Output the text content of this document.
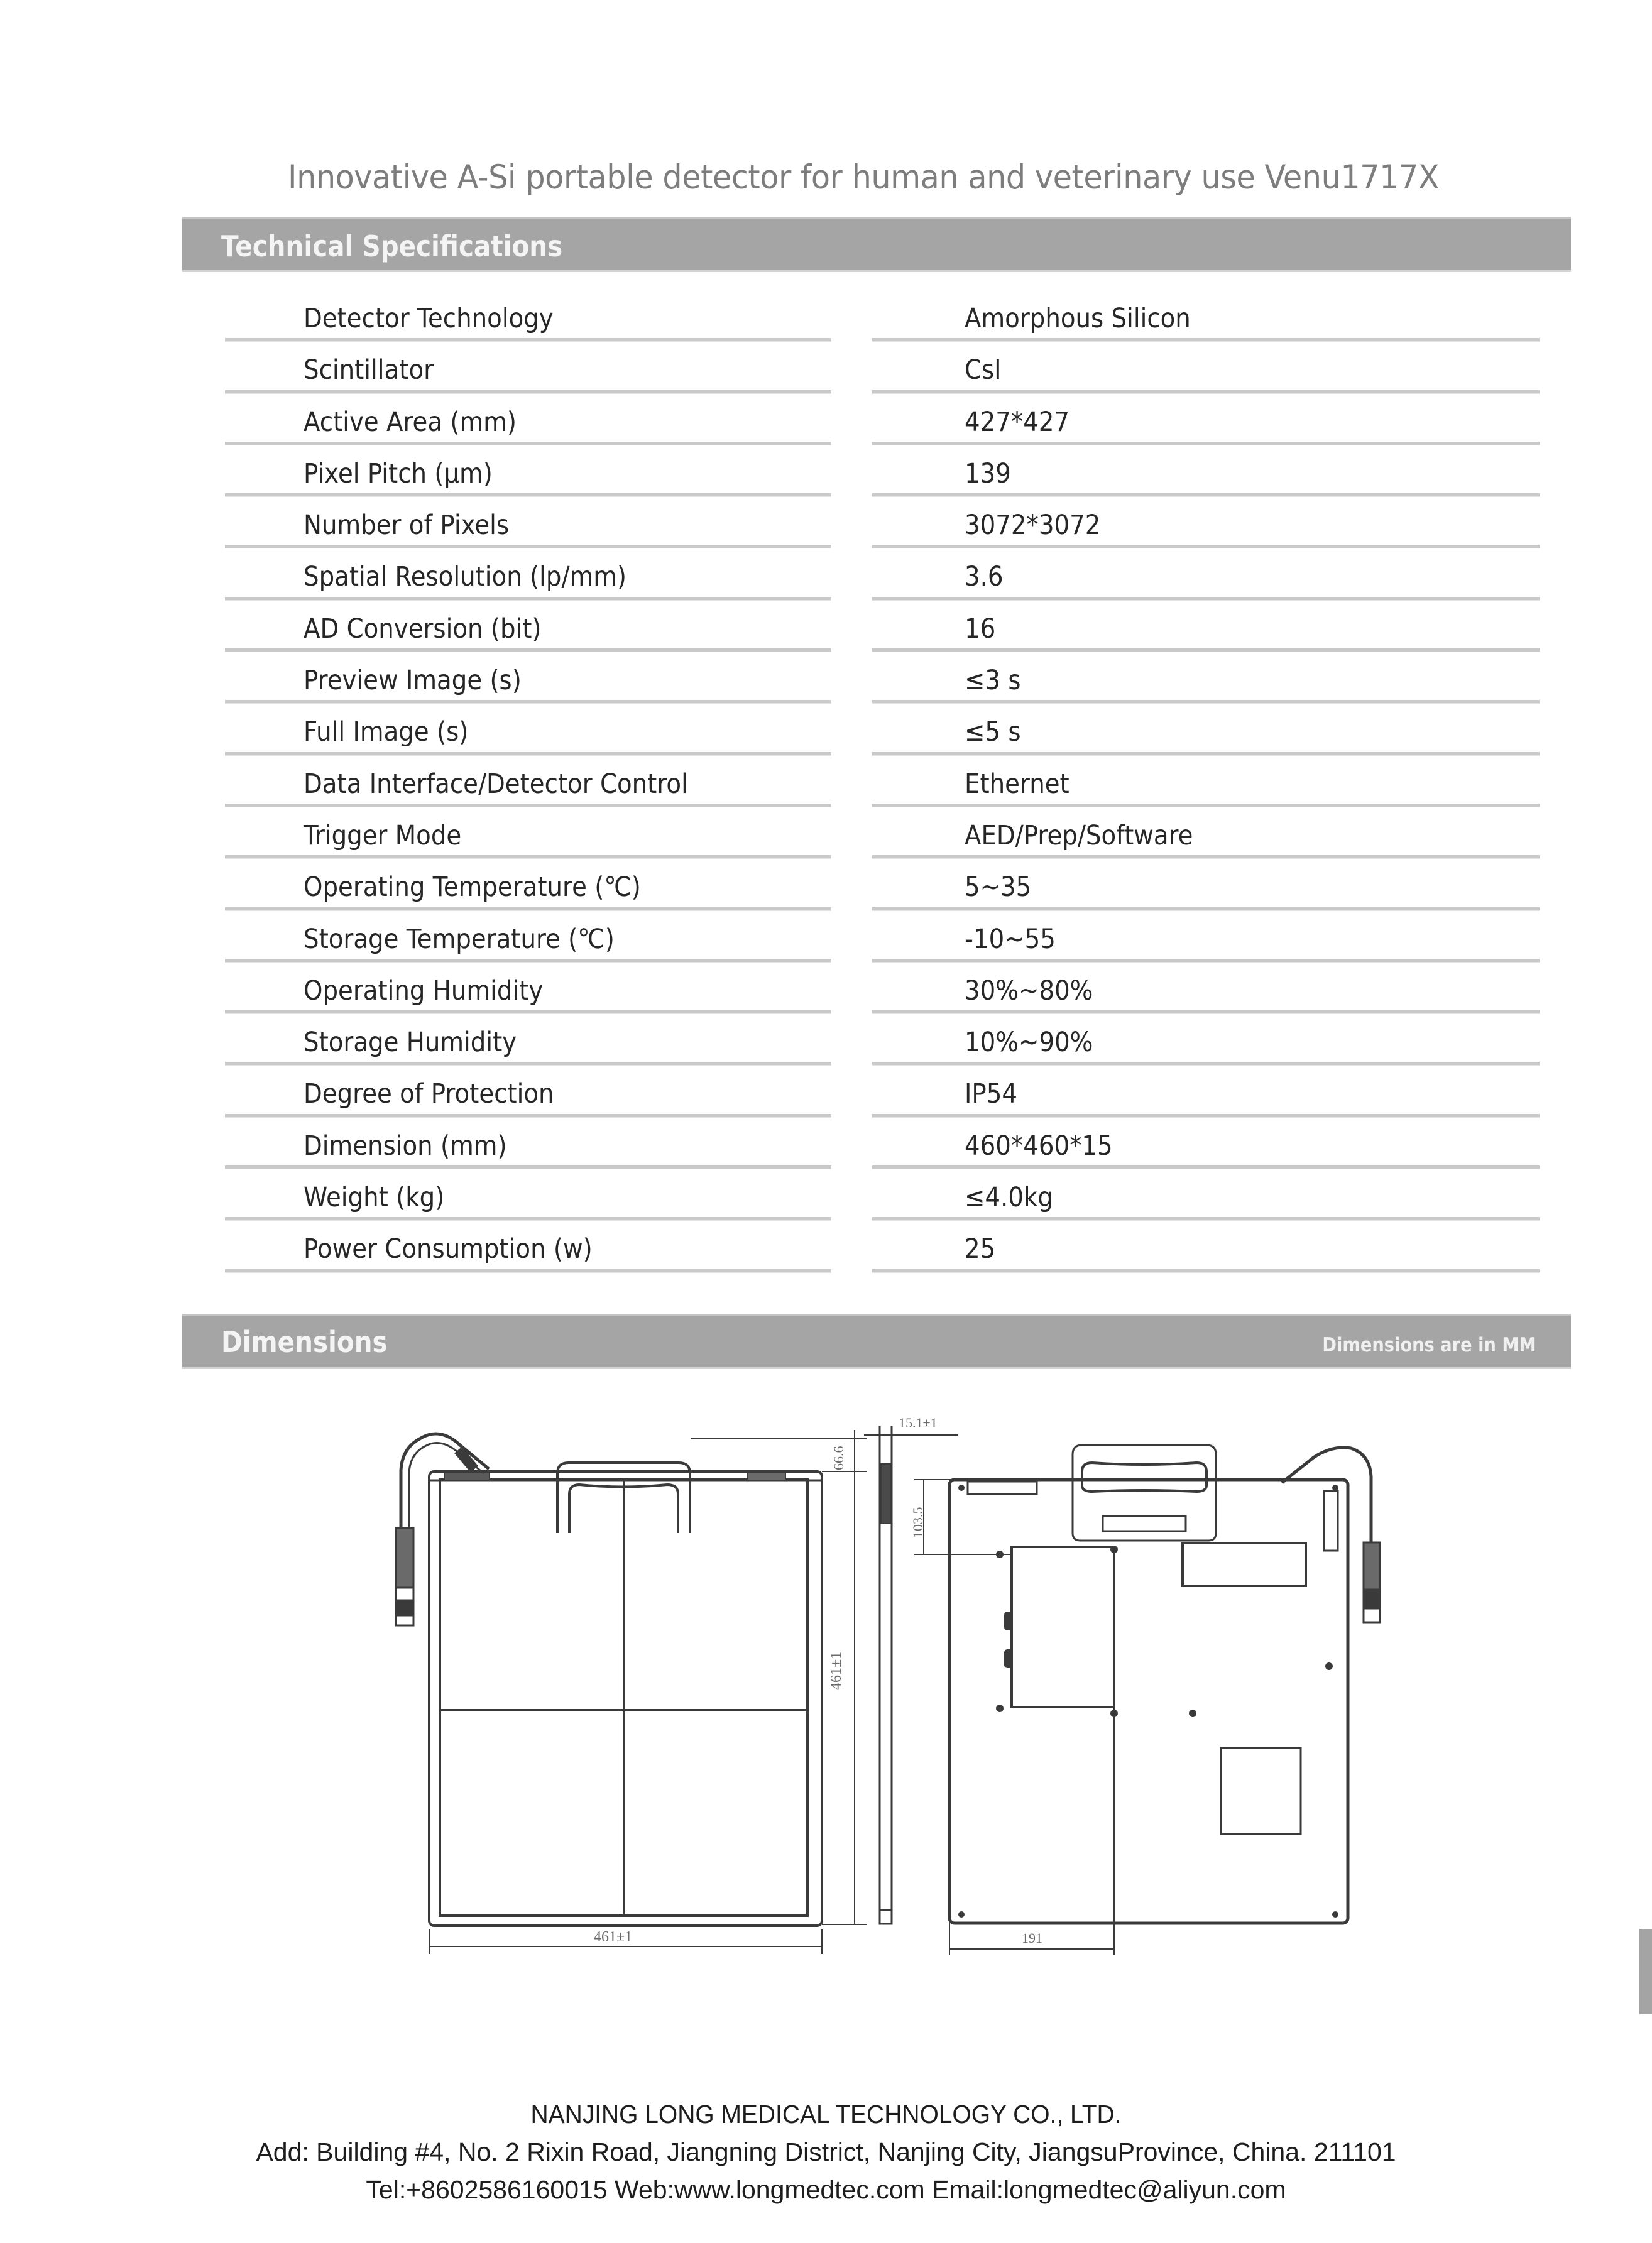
Innovative A-Si portable detector for human and veterinary use Venu1717X
Technical Specifications
Detector Technology	Amorphous Silicon
Scintillator	CsI
Active Area (mm)	427*427
Pixel Pitch (μm)	139
Number of Pixels	3072*3072
Spatial Resolution (lp/mm)	3.6
AD Conversion (bit)	16
Preview Image (s)	≤3 s
Full Image (s)	≤5 s
Data Interface/Detector Control	Ethernet
Trigger Mode	AED/Prep/Software
Operating Temperature (℃)	5~35
Storage Temperature (℃)	-10~55
Operating Humidity	30%~80%
Storage Humidity	10%~90%
Degree of Protection	IP54
Dimension (mm)	460*460*15
Weight (kg)	≤4.0kg
Power Consumption (w)	25
Dimensions	Dimensions are in MM
461±1
461±1
66.6
15.1±1
103.5
191
NANJING LONG MEDICAL TECHNOLOGY CO., LTD.
Add: Building #4, No. 2 Rixin Road, Jiangning District, Nanjing City, JiangsuProvince, China. 211101
Tel:+8602586160015 Web:www.longmedtec.com Email:longmedtec@aliyun.com
